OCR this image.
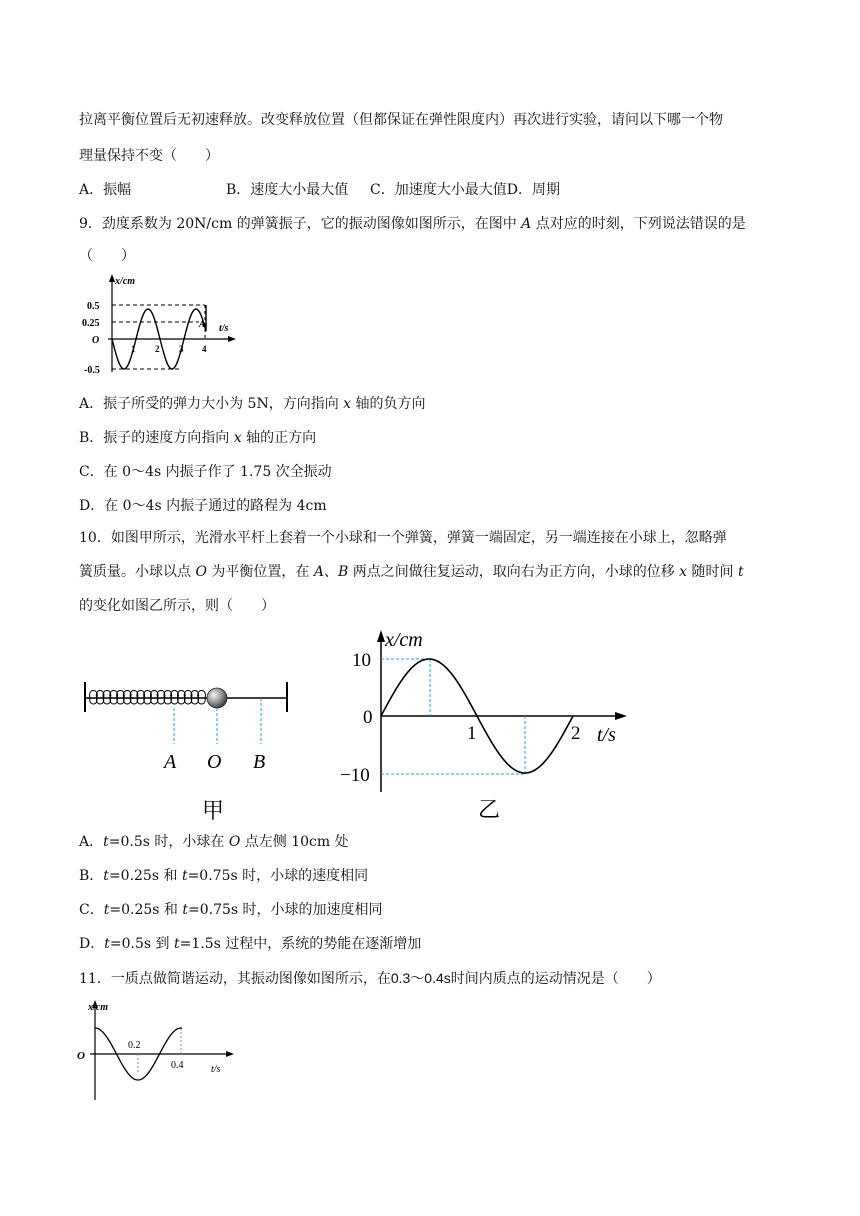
拉离平衡位置后无初速释放。改变释放位置（但都保证在弹性限度内）再次进行实验，请问以下哪一个物
理量保持不变（　　）
A．振幅	B．速度大小最大值 C．加速度大小最大值D．周期
9．劲度系数为 20N/cm 的弹簧振子，它的振动图像如图所示，在图中 A 点对应的时刻，下列说法错误的是
（　　）
x/cm
t/s
O
0.5
0.25
-0.5
1 2 3 4
A
A．振子所受的弹力大小为 5N，方向指向 x 轴的负方向
B．振子的速度方向指向 x 轴的正方向
C．在 0～4s 内振子作了 1.75 次全振动
D．在 0～4s 内振子通过的路程为 4cm
10．如图甲所示，光滑水平杆上套着一个小球和一个弹簧，弹簧一端固定，另一端连接在小球上，忽略弹
簧质量。小球以点 O 为平衡位置，在 A、B 两点之间做往复运动，取向右为正方向，小球的位移 x 随时间 t
的变化如图乙所示，则（　　）
A O B
甲
x/cm
t/s
10
0
−10
1	2
乙
A．t=0.5s 时，小球在 O 点左侧 10cm 处
B．t=0.25s 和 t=0.75s 时，小球的速度相同
C．t=0.25s 和 t=0.75s 时，小球的加速度相同
D．t=0.5s 到 t=1.5s 过程中，系统的势能在逐渐增加
11．一质点做简谐运动，其振动图像如图所示，在0.3～0.4s时间内质点的运动情况是（　　）
x/cm
O
0.2
0.4	t/s
